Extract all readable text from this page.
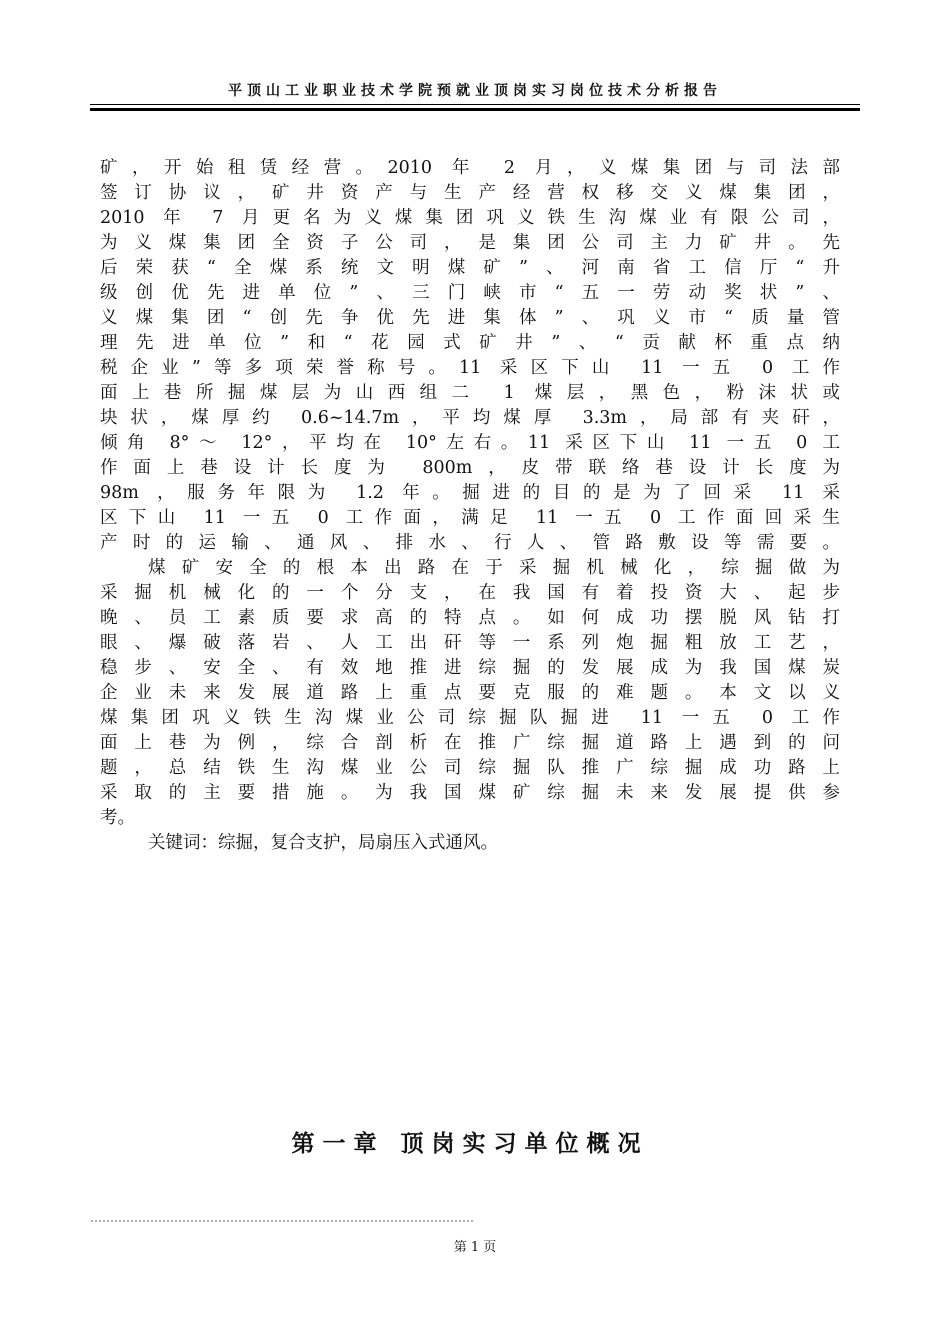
平顶山工业职业技术学院预就业顶岗实习岗位技术分析报告
矿，开始租赁经营。2010 年 2 月，义煤集团与司法部
签订协议，矿井资产与生产经营权移交义煤集团，
2010 年 7 月更名为义煤集团巩义铁生沟煤业有限公司，
为义煤集团全资子公司，是集团公司主力矿井。先
后荣获“全煤系统文明煤矿”、河南省工信厅“升
级创优先进单位”、三门峡市“五一劳动奖状”、
义煤集团“创先争优先进集体”、巩义市“质量管
理先进单位”和“花园式矿井”、“贡献杯重点纳
税企业”等多项荣誉称号。11 采区下山 11 一五 0 工作
面上巷所掘煤层为山西组二 1 煤层，黑色，粉沫状或
块状，煤厚约 0.6~14.7m，平均煤厚 3.3m，局部有夹矸，
倾角 8°～ 12°，平均在 10°左右。11 采区下山 11 一五 0 工
作面上巷设计长度为 800m，皮带联络巷设计长度为
98m ，服务年限为 1.2 年。掘进的目的是为了回采 11 采
区下山 11 一五 0 工作面，满足 11 一五 0 工作面回采生
产时的运输、通风、排水、行人、管路敷设等需要。
煤矿安全的根本出路在于采掘机械化，综掘做为
采掘机械化的一个分支，在我国有着投资大、起步
晚、员工素质要求高的特点。如何成功摆脱风钻打
眼、爆破落岩、人工出矸等一系列炮掘粗放工艺，
稳步、安全、有效地推进综掘的发展成为我国煤炭
企业未来发展道路上重点要克服的难题。本文以义
煤集团巩义铁生沟煤业公司综掘队掘进 11 一五 0 工作
面上巷为例，综合剖析在推广综掘道路上遇到的问
题，总结铁生沟煤业公司综掘队推广综掘成功路上
采取的主要措施。为我国煤矿综掘未来发展提供参
考。
关键词：综掘，复合支护，局扇压入式通风。
第一章 顶岗实习单位概况
第 1 页
